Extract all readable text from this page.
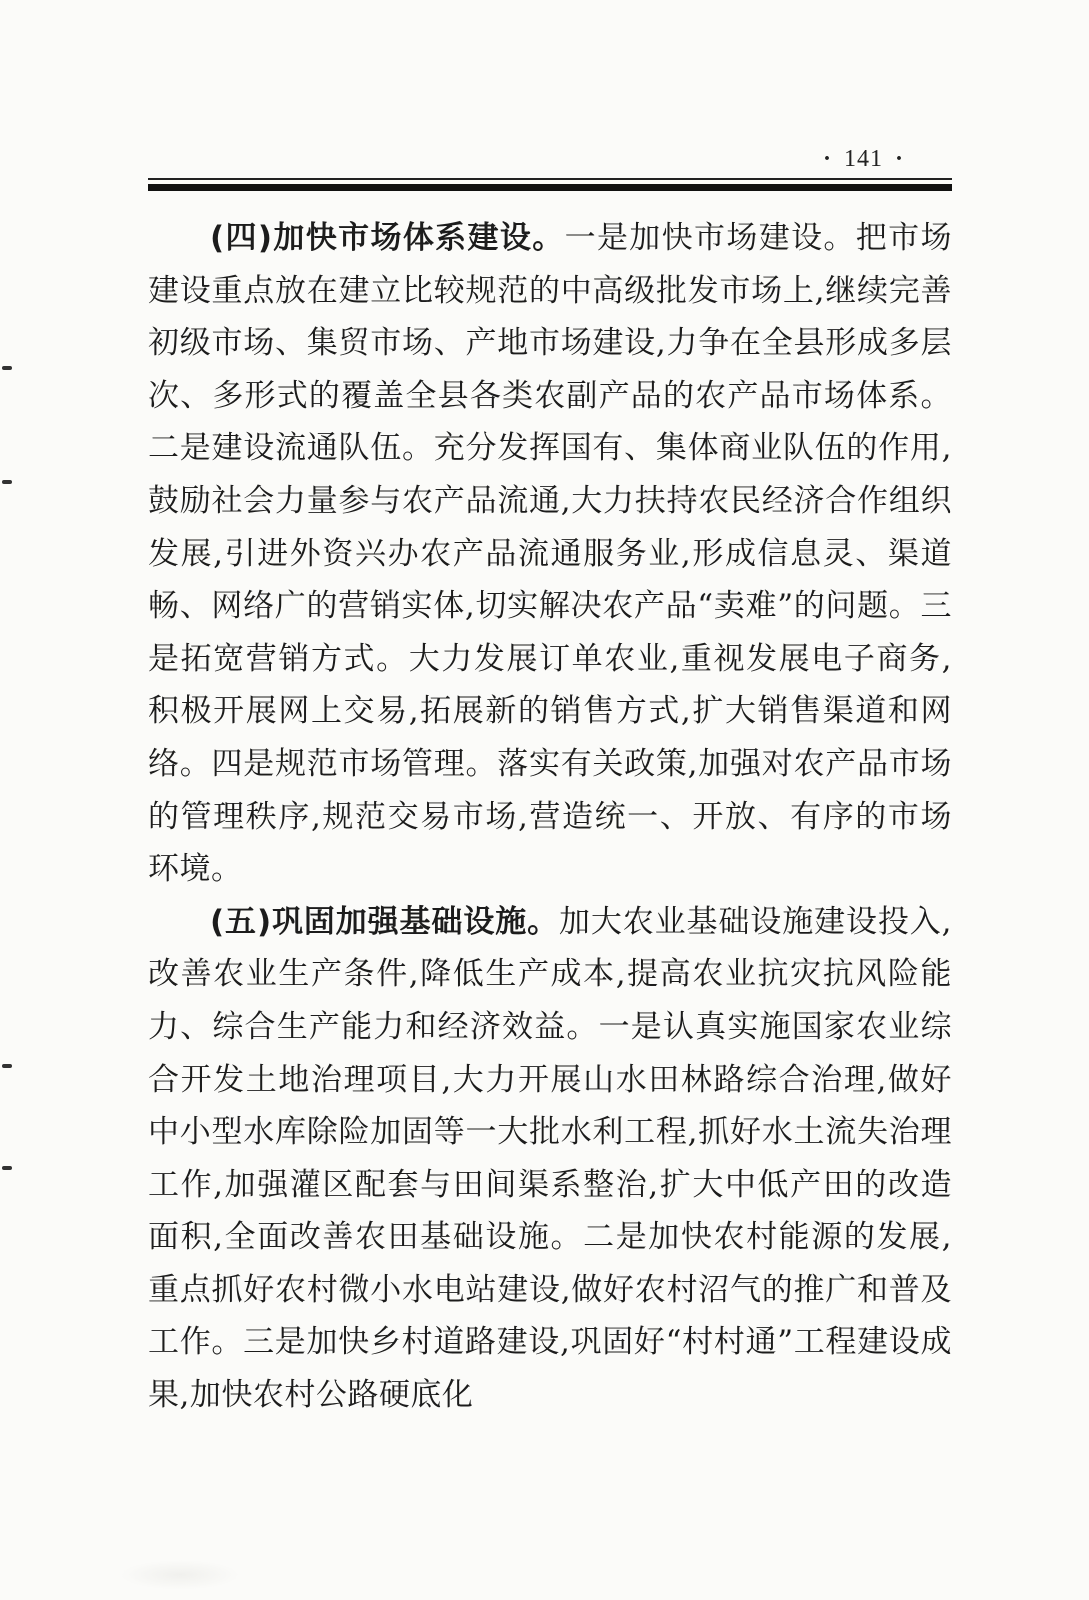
· 141 ·

(四)加快市场体系建设。一是加快市场建设。把市场建设重点放在建立比较规范的中高级批发市场上,继续完善初级市场、集贸市场、产地市场建设,力争在全县形成多层次、多形式的覆盖全县各类农副产品的农产品市场体系。二是建设流通队伍。充分发挥国有、集体商业队伍的作用,鼓励社会力量参与农产品流通,大力扶持农民经济合作组织发展,引进外资兴办农产品流通服务业,形成信息灵、渠道畅、网络广的营销实体,切实解决农产品“卖难”的问题。三是拓宽营销方式。大力发展订单农业,重视发展电子商务,积极开展网上交易,拓展新的销售方式,扩大销售渠道和网络。四是规范市场管理。落实有关政策,加强对农产品市场的管理秩序,规范交易市场,营造统一、开放、有序的市场环境。

(五)巩固加强基础设施。加大农业基础设施建设投入,改善农业生产条件,降低生产成本,提高农业抗灾抗风险能力、综合生产能力和经济效益。一是认真实施国家农业综合开发土地治理项目,大力开展山水田林路综合治理,做好中小型水库除险加固等一大批水利工程,抓好水土流失治理工作,加强灌区配套与田间渠系整治,扩大中低产田的改造面积,全面改善农田基础设施。二是加快农村能源的发展,重点抓好农村微小水电站建设,做好农村沼气的推广和普及工作。三是加快乡村道路建设,巩固好“村村通”工程建设成果,加快农村公路硬底化
